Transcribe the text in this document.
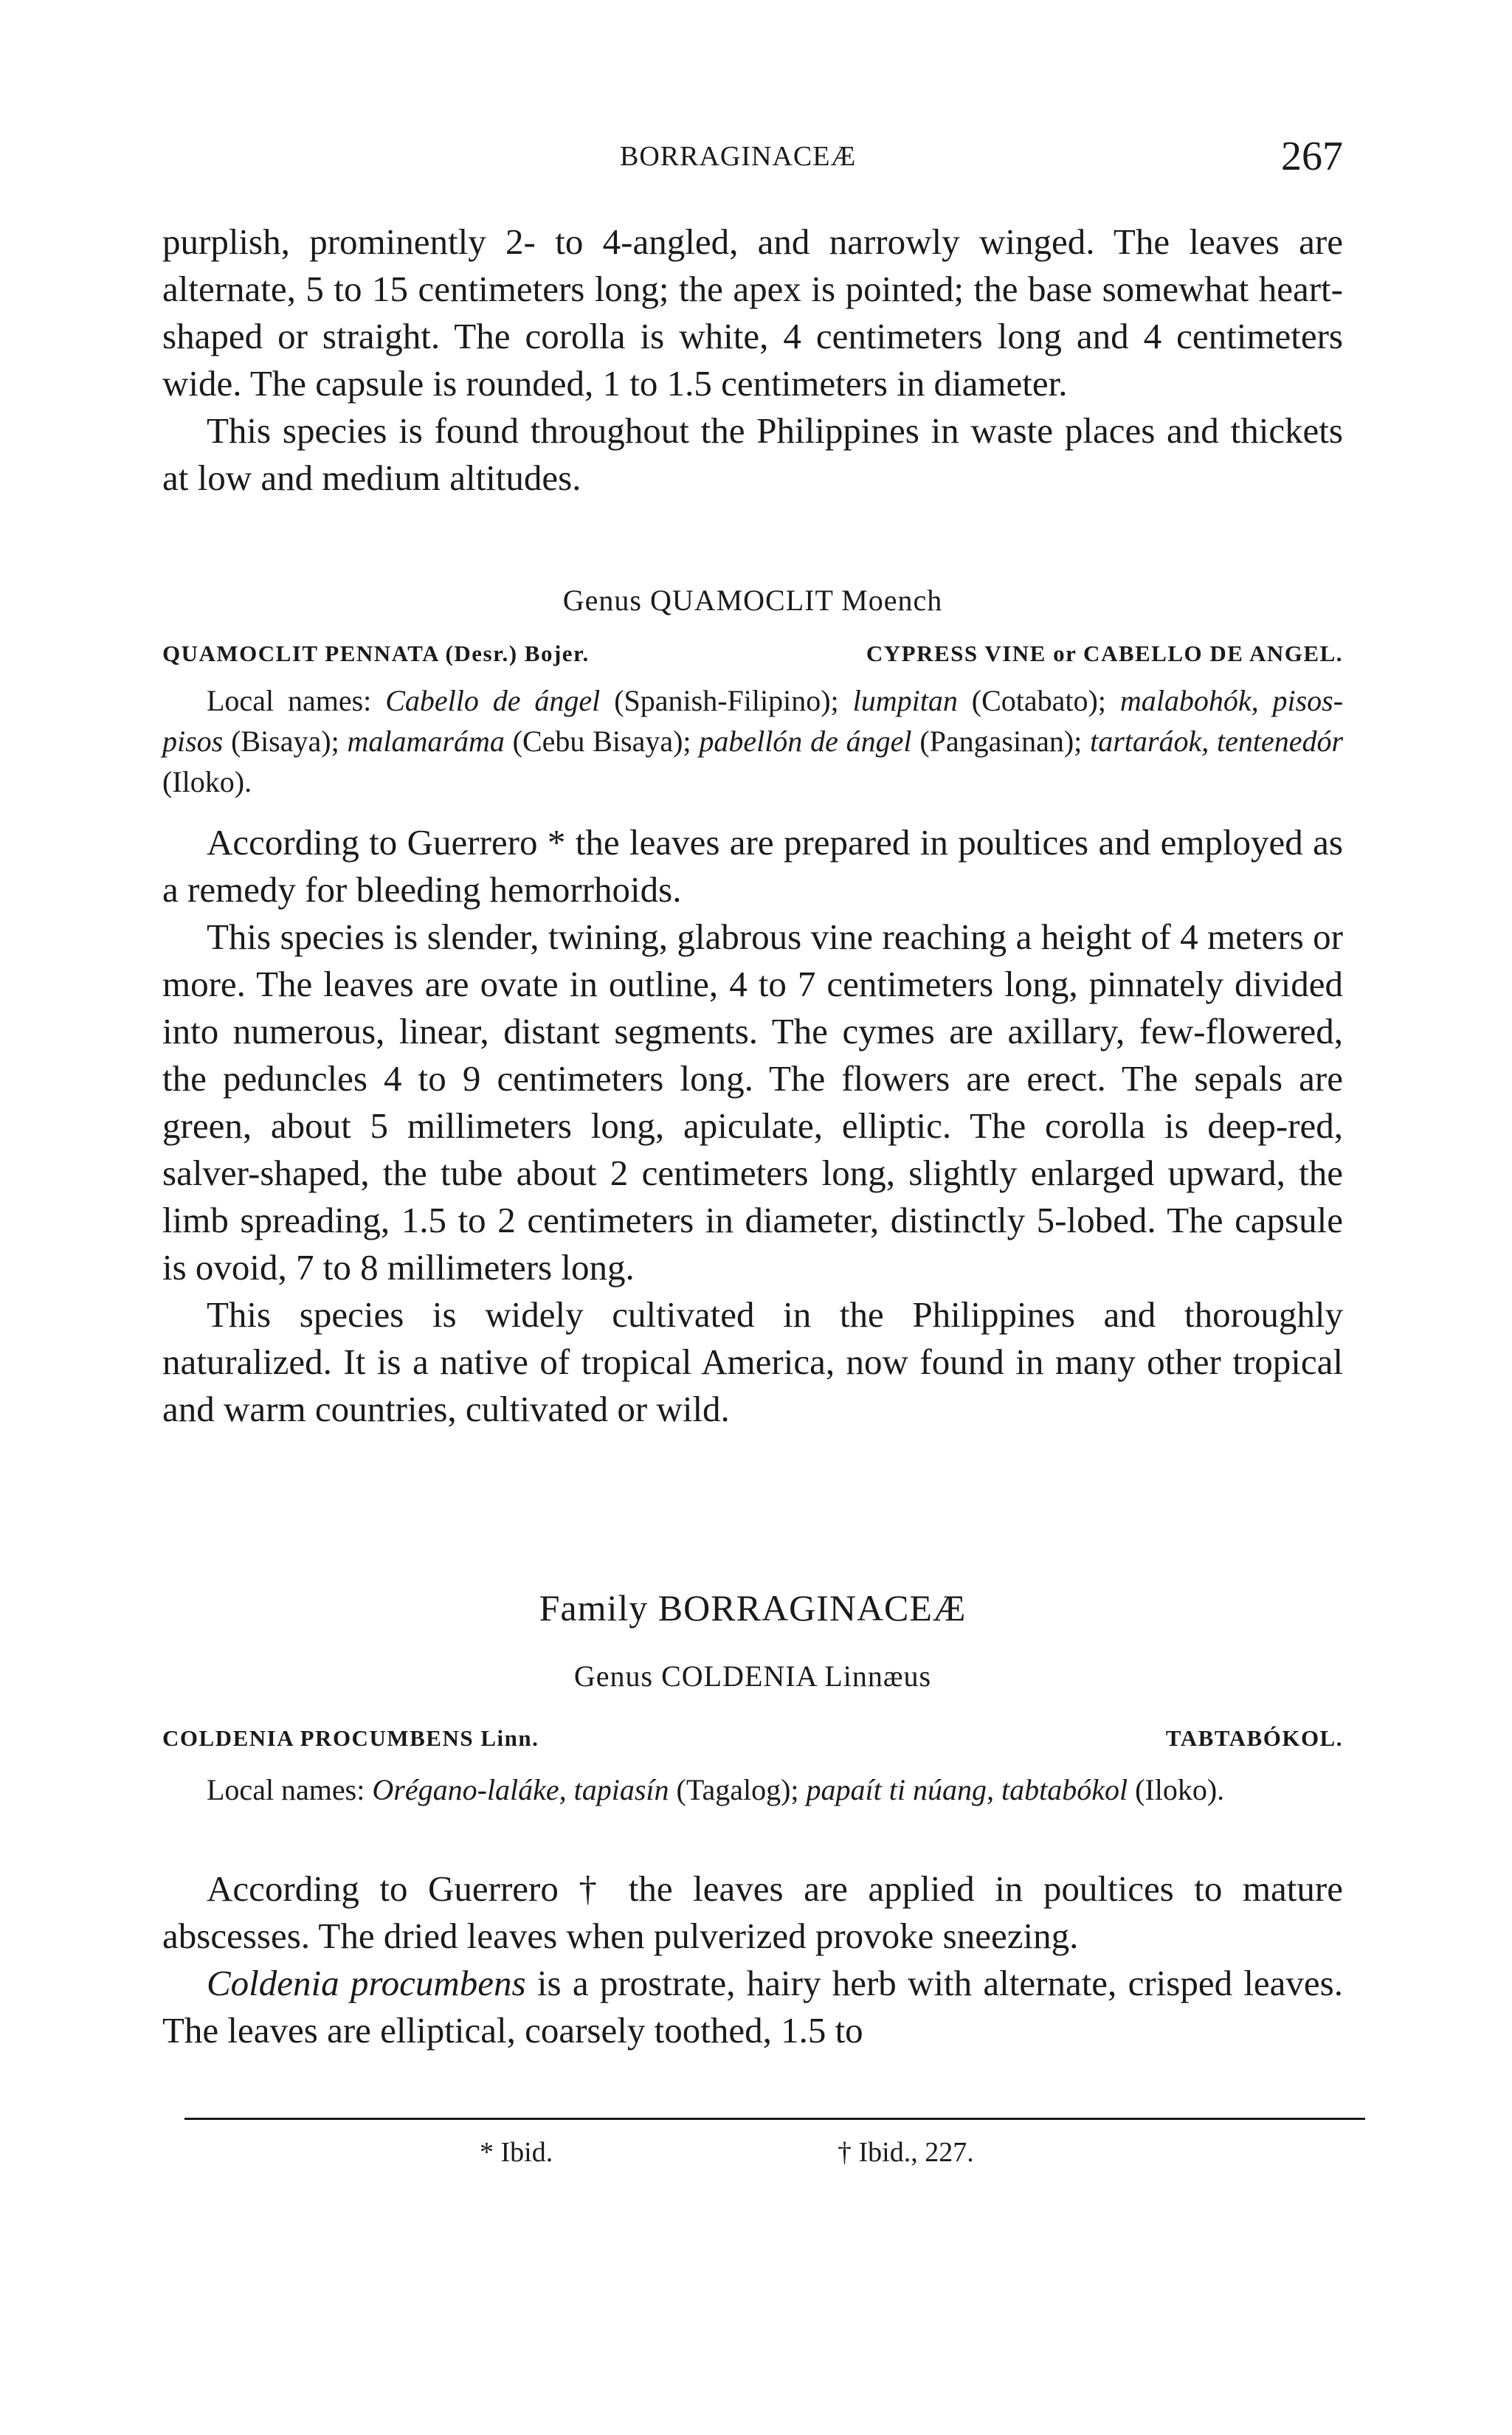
BORRAGINACEÆ	267

purplish, prominently 2- to 4-angled, and narrowly winged. The leaves are alternate, 5 to 15 centimeters long; the apex is pointed; the base somewhat heart-shaped or straight. The corolla is white, 4 centimeters long and 4 centimeters wide. The capsule is rounded, 1 to 1.5 centimeters in diameter.

This species is found throughout the Philippines in waste places and thickets at low and medium altitudes.

Genus QUAMOCLIT Moench
QUAMOCLIT PENNATA (Desr.) Bojer.	CYPRESS VINE or CABELLO DE ANGEL.

Local names: Cabello de ángel (Spanish-Filipino); lumpitan (Cotabato); malabohók, pisos-pisos (Bisaya); malamaráma (Cebu Bisaya); pabellón de ángel (Pangasinan); tartaráok, tentenedór (Iloko).

According to Guerrero * the leaves are prepared in poultices and employed as a remedy for bleeding hemorrhoids.

This species is slender, twining, glabrous vine reaching a height of 4 meters or more. The leaves are ovate in outline, 4 to 7 centimeters long, pinnately divided into numerous, linear, distant segments. The cymes are axillary, few-flowered, the peduncles 4 to 9 centimeters long. The flowers are erect. The sepals are green, about 5 millimeters long, apiculate, elliptic. The corolla is deep-red, salver-shaped, the tube about 2 centimeters long, slightly enlarged upward, the limb spreading, 1.5 to 2 centimeters in diameter, distinctly 5-lobed. The capsule is ovoid, 7 to 8 millimeters long.

This species is widely cultivated in the Philippines and thoroughly naturalized. It is a native of tropical America, now found in many other tropical and warm countries, cultivated or wild.

Family BORRAGINACEÆ
Genus COLDENIA Linnæus
COLDENIA PROCUMBENS Linn.	TABTABÓKOL.

Local names: Orégano-laláke, tapiasín (Tagalog); papaít ti núang, tabtabókol (Iloko).

According to Guerrero † the leaves are applied in poultices to mature abscesses. The dried leaves when pulverized provoke sneezing.

Coldenia procumbens is a prostrate, hairy herb with alternate, crisped leaves. The leaves are elliptical, coarsely toothed, 1.5 to

* Ibid.	† Ibid., 227.
